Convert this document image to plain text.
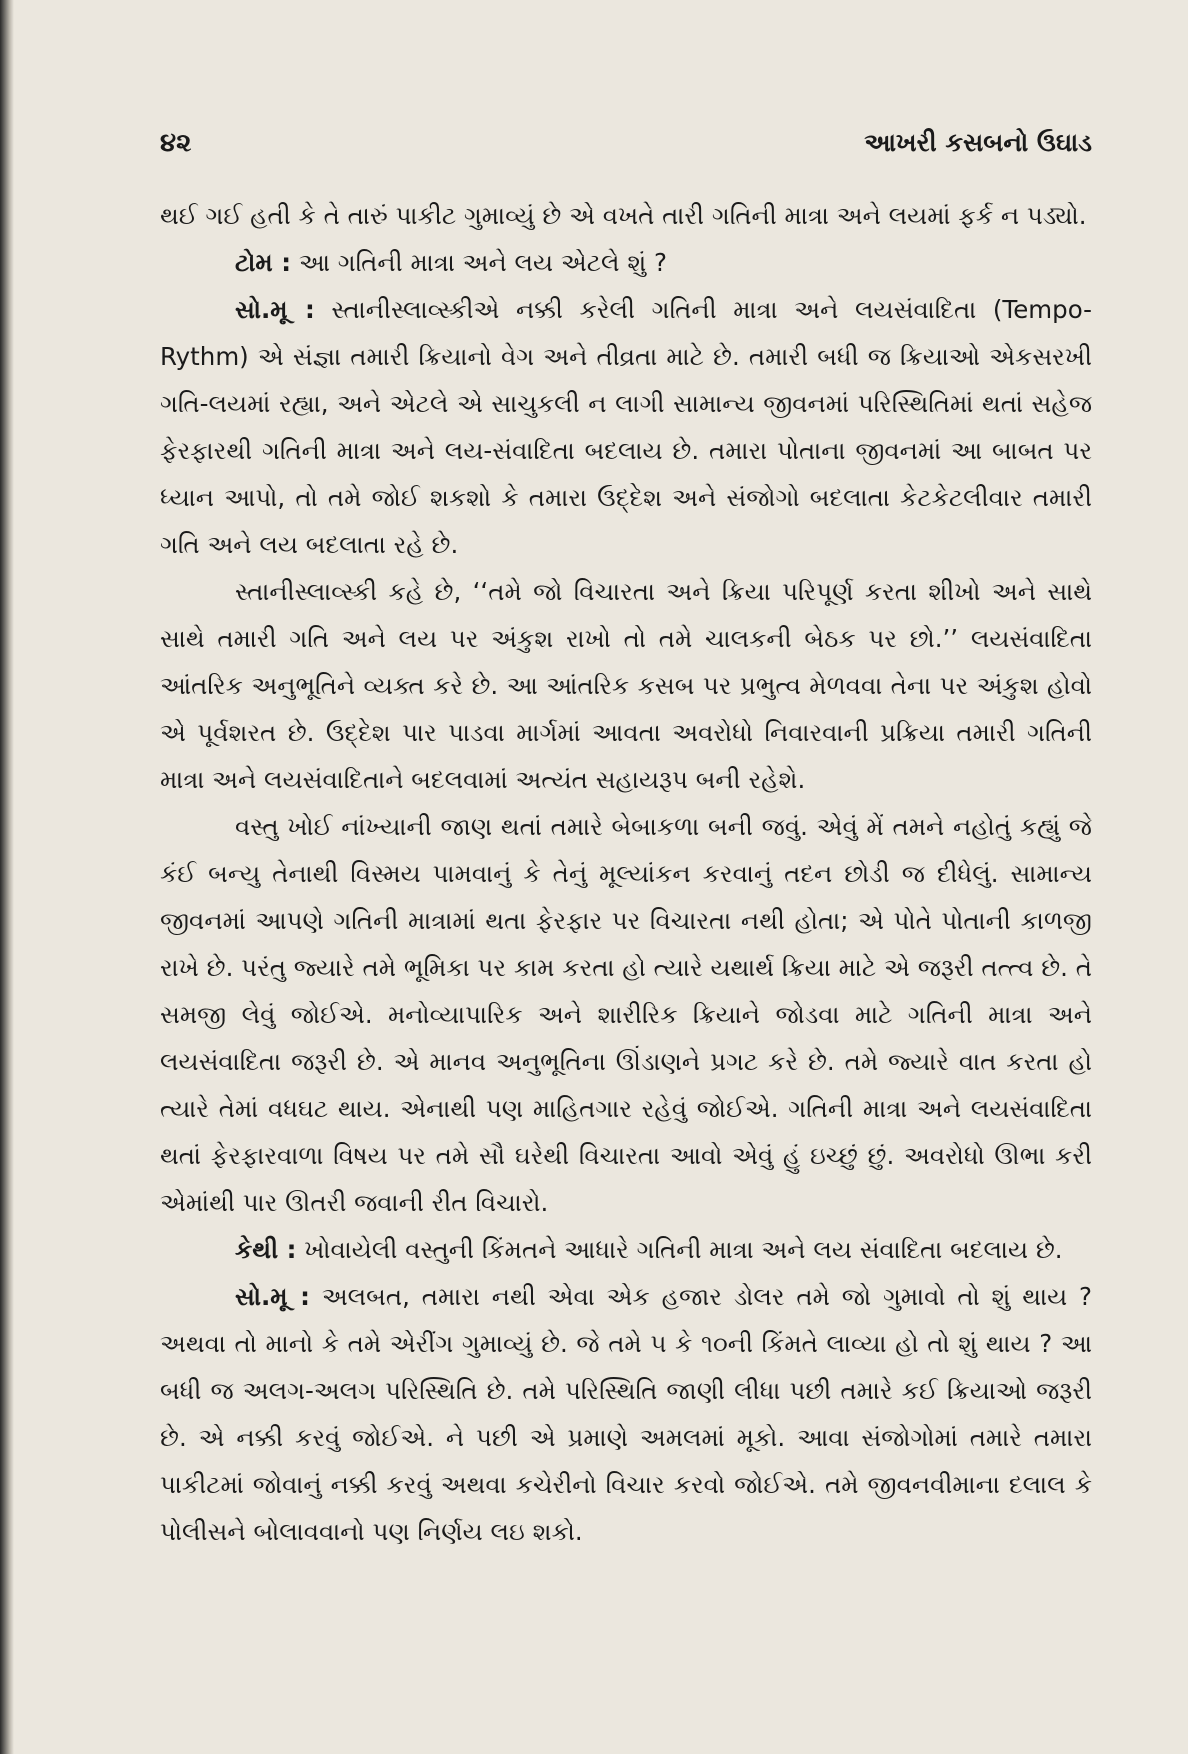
૪૨	આખરી કસબનો ઉઘાડ

થઈ ગઈ હતી કે તે તારું પાકીટ ગુમાવ્યું છે એ વખતે તારી ગતિની માત્રા અને લયમાં ફર્ક ન પડ્યો.

ટોમ : આ ગતિની માત્રા અને લય એટલે શું ?

સો.મૂ : સ્તાનીસ્લાવ્સ્કીએ નક્કી કરેલી ગતિની માત્રા અને લયસંવાદિતા (Tempo-Rythm) એ સંજ્ઞા તમારી ક્રિયાનો વેગ અને તીવ્રતા માટે છે. તમારી બધી જ ક્રિયાઓ એકસરખી ગતિ-લયમાં રહ્યા, અને એટલે એ સાચુકલી ન લાગી સામાન્ય જીવનમાં પરિસ્થિતિમાં થતાં સહેજ ફેરફારથી ગતિની માત્રા અને લય-સંવાદિતા બદલાય છે. તમારા પોતાના જીવનમાં આ બાબત પર ધ્યાન આપો, તો તમે જોઈ શકશો કે તમારા ઉદ્દેશ અને સંજોગો બદલાતા કેટકેટલીવાર તમારી ગતિ અને લય બદલાતા રહે છે.

સ્તાનીસ્લાવ્સ્કી કહે છે, ‘‘તમે જો વિચારતા અને ક્રિયા પરિપૂર્ણ કરતા શીખો અને સાથે સાથે તમારી ગતિ અને લય પર અંકુશ રાખો તો તમે ચાલકની બેઠક પર છો.’’ લયસંવાદિતા આંતરિક અનુભૂતિને વ્યક્ત કરે છે. આ આંતરિક કસબ પર પ્રભુત્વ મેળવવા તેના પર અંકુશ હોવો એ પૂર્વશરત છે. ઉદ્દેશ પાર પાડવા માર્ગમાં આવતા અવરોધો નિવારવાની પ્રક્રિયા તમારી ગતિની માત્રા અને લયસંવાદિતાને બદલવામાં અત્યંત સહાયરૂપ બની રહેશે.

વસ્તુ ખોઈ નાંખ્યાની જાણ થતાં તમારે બેબાકળા બની જવું. એવું મેં તમને નહોતું કહ્યું જે કંઈ બન્યુ તેનાથી વિસ્મય પામવાનું કે તેનું મૂલ્યાંકન કરવાનું તદન છોડી જ દીધેલું. સામાન્ય જીવનમાં આપણે ગતિની માત્રામાં થતા ફેરફાર પર વિચારતા નથી હોતા; એ પોતે પોતાની કાળજી રાખે છે. પરંતુ જ્યારે તમે ભૂમિકા પર કામ કરતા હો ત્યારે યથાર્થ ક્રિયા માટે એ જરૂરી તત્ત્વ છે. તે સમજી લેવું જોઈએ. મનોવ્યાપારિક અને શારીરિક ક્રિયાને જોડવા માટે ગતિની માત્રા અને લયસંવાદિતા જરૂરી છે. એ માનવ અનુભૂતિના ઊંડાણને પ્રગટ કરે છે. તમે જ્યારે વાત કરતા હો ત્યારે તેમાં વધઘટ થાય. એનાથી પણ માહિતગાર રહેવું જોઈએ. ગતિની માત્રા અને લયસંવાદિતા થતાં ફેરફારવાળા વિષય પર તમે સૌ ઘરેથી વિચારતા આવો એવું હું ઇચ્છું છું. અવરોધો ઊભા કરી એમાંથી પાર ઊતરી જવાની રીત વિચારો.

કેથી : ખોવાયેલી વસ્તુની કિંમતને આધારે ગતિની માત્રા અને લય સંવાદિતા બદલાય છે.

સો.મૂ : અલબત, તમારા નથી એવા એક હજાર ડોલર તમે જો ગુમાવો તો શું થાય ? અથવા તો માનો કે તમે એરીંગ ગુમાવ્યું છે. જે તમે ૫ કે ૧૦ની કિંમતે લાવ્યા હો તો શું થાય ? આ બધી જ અલગ-અલગ પરિસ્થિતિ છે. તમે પરિસ્થિતિ જાણી લીધા પછી તમારે કઈ ક્રિયાઓ જરૂરી છે. એ નક્કી કરવું જોઈએ. ને પછી એ પ્રમાણે અમલમાં મૂકો. આવા સંજોગોમાં તમારે તમારા પાકીટમાં જોવાનું નક્કી કરવું અથવા કચેરીનો વિચાર કરવો જોઈએ. તમે જીવનવીમાના દલાલ કે પોલીસને બોલાવવાનો પણ નિર્ણય લઇ શકો.
